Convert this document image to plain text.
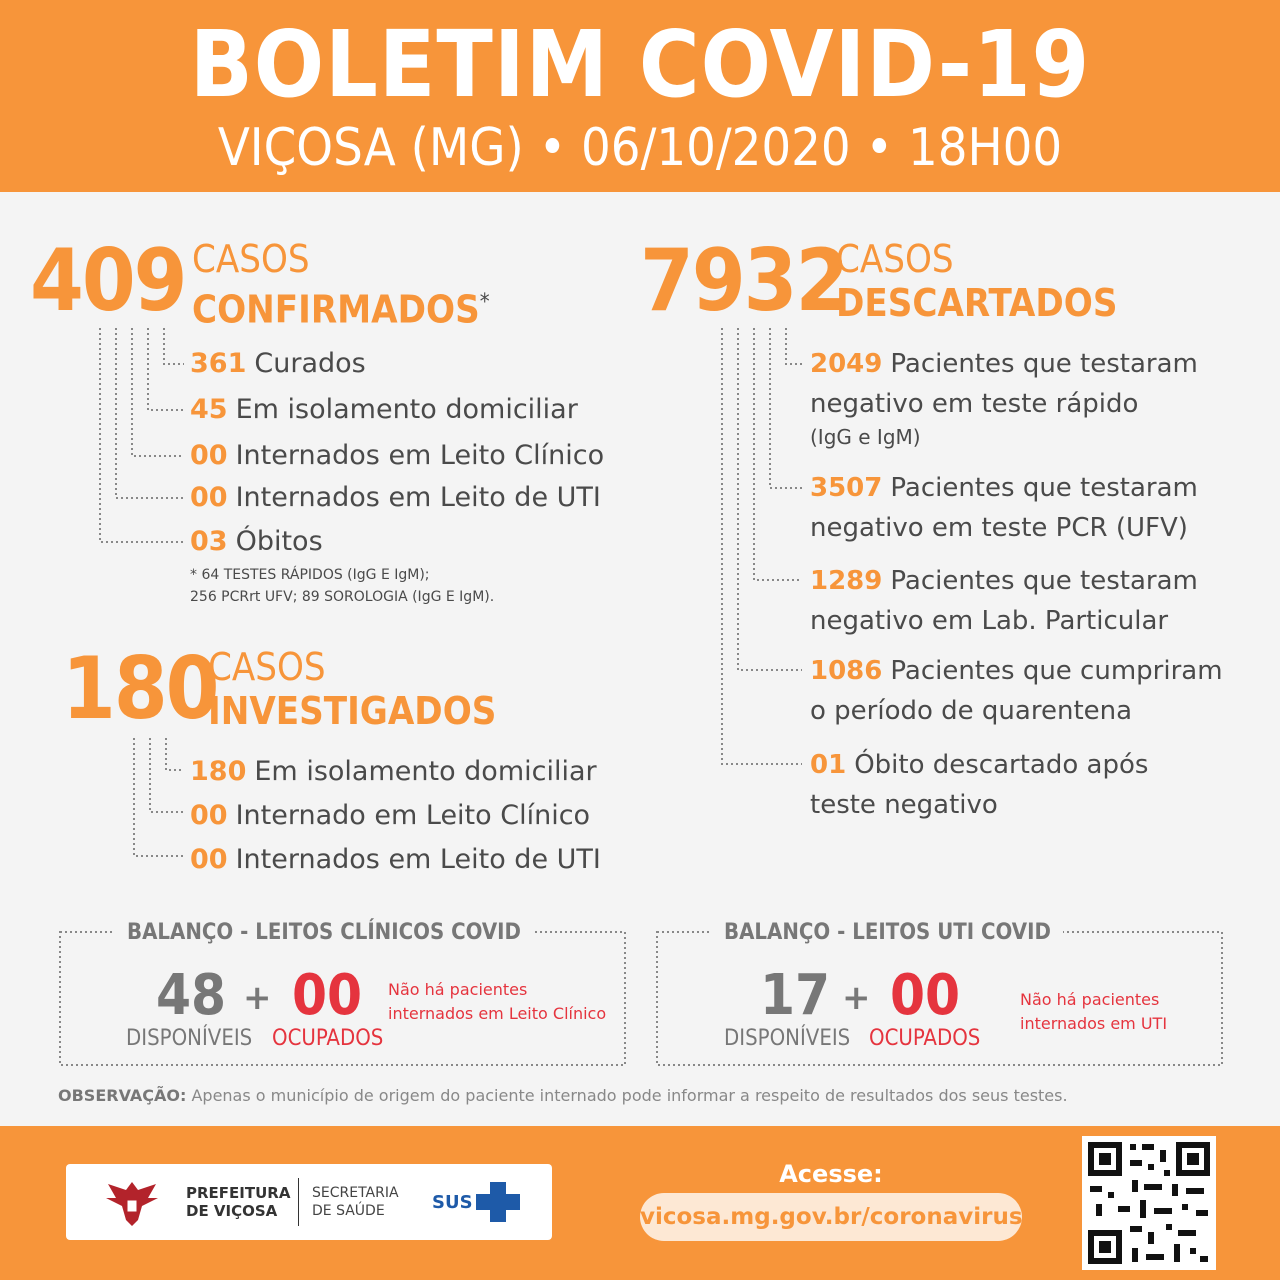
BOLETIM COVID-19
VIÇOSA (MG) • 06/10/2020 • 18H00
409 CASOS
CONFIRMADOS*
361 Curados
45 Em isolamento domiciliar
00 Internados em Leito Clínico
00 Internados em Leito de UTI
03 Óbitos
* 64 TESTES RÁPIDOS (IgG E IgM);
256 PCRrt UFV; 89 SOROLOGIA (IgG E IgM).
180
CASOS
INVESTIGADOS
180 Em isolamento domiciliar
00 Internado em Leito Clínico
00 Internados em Leito de UTI
7932
CASOS
DESCARTADOS
2049 Pacientes que testaram
negativo em teste rápido
(IgG e IgM)
3507 Pacientes que testaram
negativo em teste PCR (UFV)
1289 Pacientes que testaram
negativo em Lab. Particular
1086 Pacientes que cumpriram
o período de quarentena
01 Óbito descartado após
teste negativo
BALANÇO - LEITOS CLÍNICOS COVID
48
DISPONÍVEIS
+ 00
OCUPADOS
Não há pacientes
internados em Leito Clínico
BALANÇO - LEITOS UTI COVID
17
DISPONÍVEIS
+ 00
OCUPADOS
Não há pacientes
internados em UTI
OBSERVAÇÃO: Apenas o município de origem do paciente internado pode informar a respeito de resultados dos seus testes.
PREFEITURA
DE VIÇOSA
SECRETARIA
DE SAÚDE	SUS
Acesse:
vicosa.mg.gov.br/coronavirus
